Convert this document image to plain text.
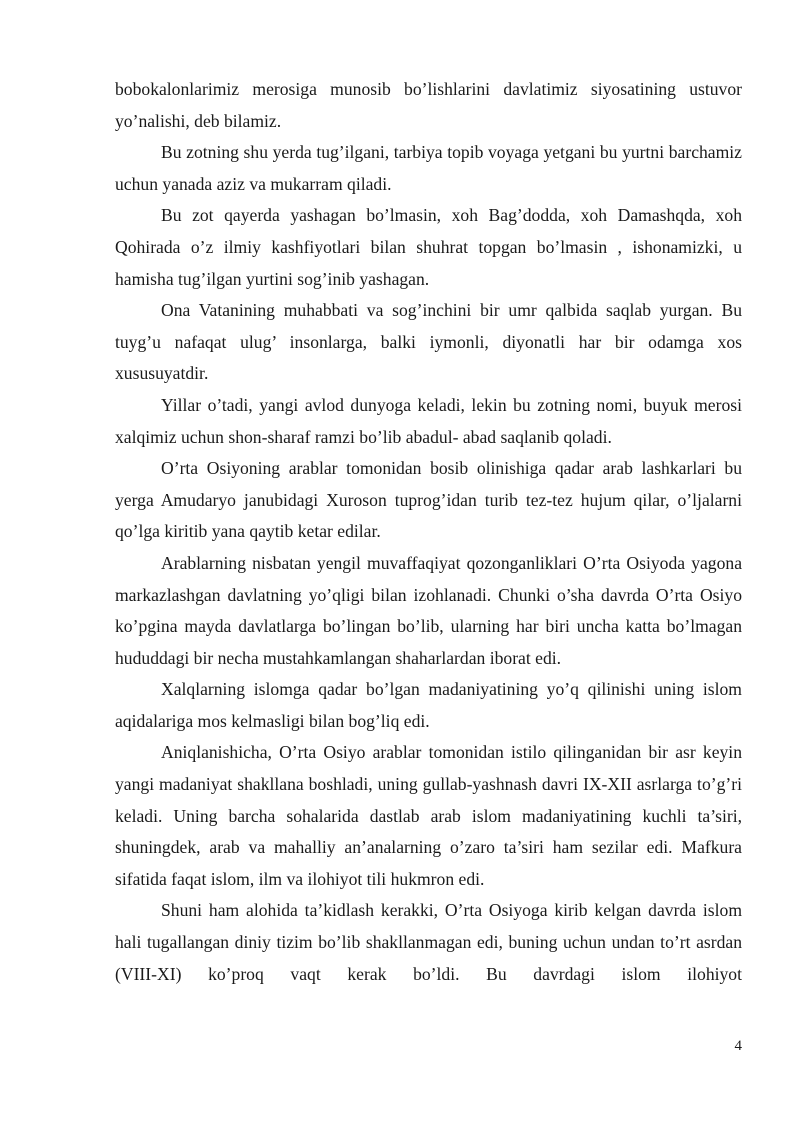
bobokalonlarimiz merosiga munosib bo’lishlarini davlatimiz siyosatining ustuvor yo’nalishi, deb bilamiz.

Bu zotning shu yerda tug’ilgani, tarbiya topib voyaga yetgani bu yurtni barchamiz uchun yanada aziz va mukarram qiladi.

Bu zot qayerda yashagan bo’lmasin, xoh Bag’dodda, xoh Damashqda, xoh Qohirada o’z ilmiy kashfiyotlari bilan shuhrat topgan bo’lmasin , ishonamizki, u hamisha tug’ilgan yurtini sog’inib yashagan.

Ona Vatanining muhabbati va sog’inchini bir umr qalbida saqlab yurgan. Bu tuyg’u nafaqat ulug’ insonlarga, balki iymonli, diyonatli har bir odamga xos xususuyatdir.

Yillar o’tadi, yangi avlod dunyoga keladi, lekin bu zotning nomi, buyuk merosi xalqimiz uchun shon-sharaf ramzi bo’lib abadul- abad saqlanib qoladi.

O’rta Osiyoning arablar tomonidan bosib olinishiga qadar arab lashkarlari bu yerga Amudaryo janubidagi Xuroson tuprog’idan turib tez-tez hujum qilar, o’ljalarni qo’lga kiritib yana qaytib ketar edilar.

Arablarning nisbatan yengil muvaffaqiyat qozonganliklari O’rta Osiyoda yagona markazlashgan davlatning yo’qligi bilan izohlanadi. Chunki o’sha davrda O’rta Osiyo ko’pgina mayda davlatlarga bo’lingan bo’lib, ularning har biri uncha katta bo’lmagan hududdagi bir necha mustahkamlangan shaharlardan iborat edi.

Xalqlarning islomga qadar bo’lgan madaniyatining yo’q qilinishi uning islom aqidalariga mos kelmasligi bilan bog’liq edi.

Aniqlanishicha, O’rta Osiyo arablar tomonidan istilo qilinganidan bir asr keyin yangi madaniyat shakllana boshladi, uning gullab-yashnash davri IX-XII asrlarga to’g’ri keladi. Uning barcha sohalarida dastlab arab islom madaniyatining kuchli ta’siri, shuningdek, arab va mahalliy an’analarning o’zaro ta’siri ham sezilar edi. Mafkura sifatida faqat islom, ilm va ilohiyot tili hukmron edi.

Shuni ham alohida ta’kidlash kerakki, O’rta Osiyoga kirib kelgan davrda islom hali tugallangan diniy tizim bo’lib shakllanmagan edi, buning uchun undan to’rt asrdan (VIII-XI) ko’proq vaqt kerak bo’ldi. Bu davrdagi islom ilohiyot

4
